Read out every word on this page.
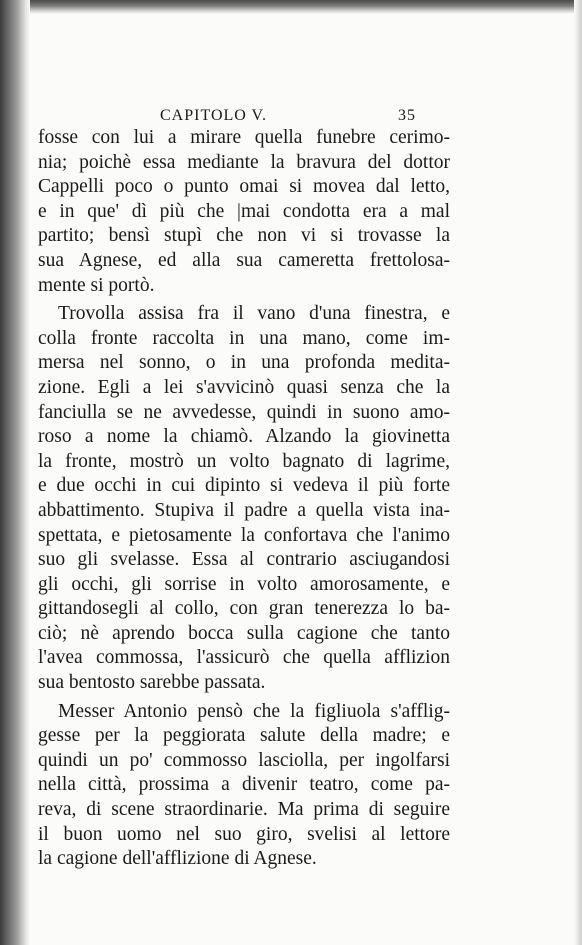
CAPITOLO V.	35
fosse con lui a mirare quella funebre cerimo-
nia; poichè essa mediante la bravura del dottor
Cappelli poco o punto omai si movea dal letto,
e in que' dì più che |mai condotta era a mal
partito; bensì stupì che non vi si trovasse la
sua Agnese, ed alla sua cameretta frettolosa-
mente si portò.
Trovolla assisa fra il vano d'una finestra, e
colla fronte raccolta in una mano, come im-
mersa nel sonno, o in una profonda medita-
zione. Egli a lei s'avvicinò quasi senza che la
fanciulla se ne avvedesse, quindi in suono amo-
roso a nome la chiamò. Alzando la giovinetta
la fronte, mostrò un volto bagnato di lagrime,
e due occhi in cui dipinto si vedeva il più forte
abbattimento. Stupiva il padre a quella vista ina-
spettata, e pietosamente la confortava che l'animo
suo gli svelasse. Essa al contrario asciugandosi
gli occhi, gli sorrise in volto amorosamente, e
gittandosegli al collo, con gran tenerezza lo ba-
ciò; nè aprendo bocca sulla cagione che tanto
l'avea commossa, l'assicurò che quella afflizion
sua bentosto sarebbe passata.
Messer Antonio pensò che la figliuola s'afflig-
gesse per la peggiorata salute della madre; e
quindi un po' commosso lasciolla, per ingolfarsi
nella città, prossima a divenir teatro, come pa-
reva, di scene straordinarie. Ma prima di seguire
il buon uomo nel suo giro, svelisi al lettore
la cagione dell'afflizione di Agnese.
